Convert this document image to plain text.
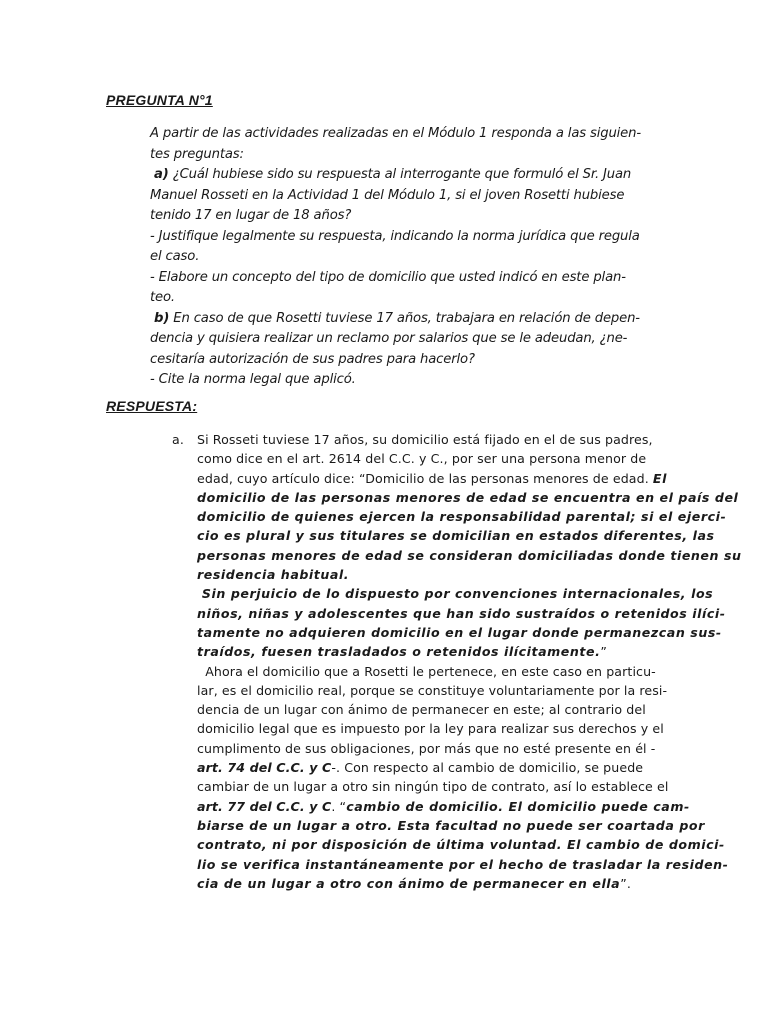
PREGUNTA N°1
A partir de las actividades realizadas en el Módulo 1 responda a las siguien-
tes preguntas:
a) ¿Cuál hubiese sido su respuesta al interrogante que formuló el Sr. Juan
Manuel Rosseti en la Actividad 1 del Módulo 1, si el joven Rosetti hubiese
tenido 17 en lugar de 18 años?
- Justifique legalmente su respuesta, indicando la norma jurídica que regula
el caso.
- Elabore un concepto del tipo de domicilio que usted indicó en este plan-
teo.
b) En caso de que Rosetti tuviese 17 años, trabajara en relación de depen-
dencia y quisiera realizar un reclamo por salarios que se le adeudan, ¿ne-
cesitaría autorización de sus padres para hacerlo?
- Cite la norma legal que aplicó.
RESPUESTA:
a. Si Rosseti tuviese 17 años, su domicilio está fijado en el de sus padres,
como dice en el art. 2614 del C.C. y C., por ser una persona menor de
edad, cuyo artículo dice: “Domicilio de las personas menores de edad. El
domicilio de las personas menores de edad se encuentra en el país del
domicilio de quienes ejercen la responsabilidad parental; si el ejerci-
cio es plural y sus titulares se domicilian en estados diferentes, las
personas menores de edad se consideran domiciliadas donde tienen su
residencia habitual.
Sin perjuicio de lo dispuesto por convenciones internacionales, los
niños, niñas y adolescentes que han sido sustraídos o retenidos ilíci-
tamente no adquieren domicilio en el lugar donde permanezcan sus-
traídos, fuesen trasladados o retenidos ilícitamente.”
Ahora el domicilio que a Rosetti le pertenece, en este caso en particu-
lar, es el domicilio real, porque se constituye voluntariamente por la resi-
dencia de un lugar con ánimo de permanecer en este; al contrario del
domicilio legal que es impuesto por la ley para realizar sus derechos y el
cumplimento de sus obligaciones, por más que no esté presente en él -
art. 74 del C.C. y C-. Con respecto al cambio de domicilio, se puede
cambiar de un lugar a otro sin ningún tipo de contrato, así lo establece el
art. 77 del C.C. y C. “cambio de domicilio. El domicilio puede cam-
biarse de un lugar a otro. Esta facultad no puede ser coartada por
contrato, ni por disposición de última voluntad. El cambio de domici-
lio se verifica instantáneamente por el hecho de trasladar la residen-
cia de un lugar a otro con ánimo de permanecer en ella”.
